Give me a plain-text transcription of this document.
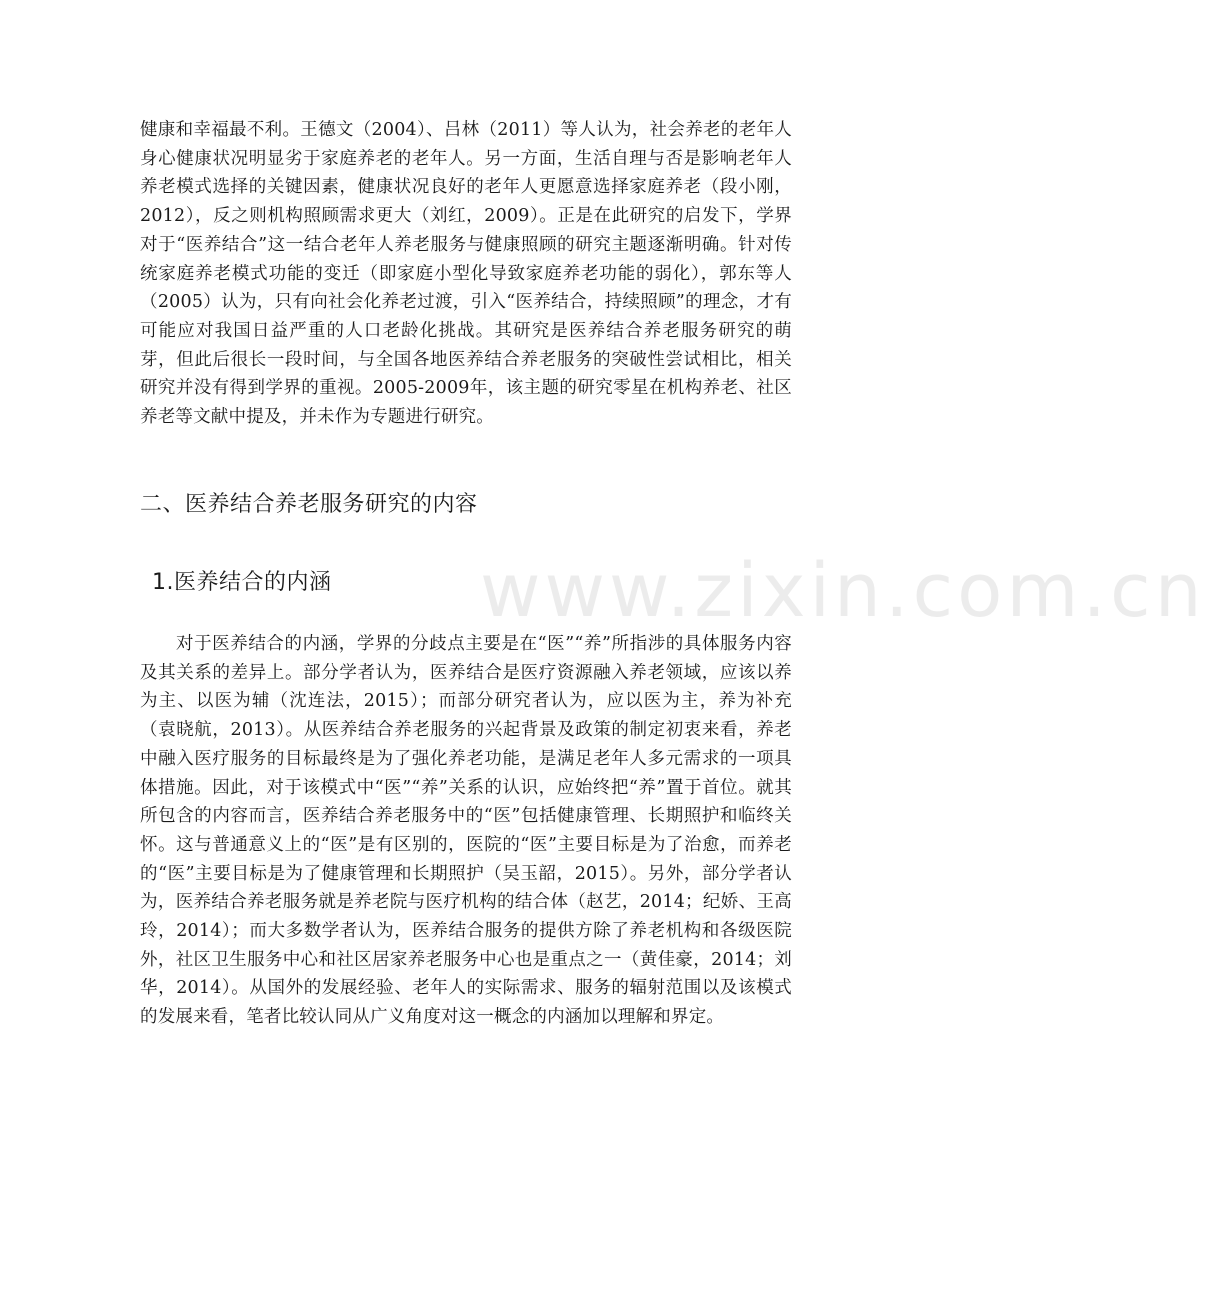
www.zixin.com.cn

健康和幸福最不利。王德文（2004）、吕林（2011）等人认为，社会养老的老年人身心健康状况明显劣于家庭养老的老年人。另一方面，生活自理与否是影响老年人养老模式选择的关键因素，健康状况良好的老年人更愿意选择家庭养老（段小刚，2012），反之则机构照顾需求更大（刘红，2009）。正是在此研究的启发下，学界对于“医养结合”这一结合老年人养老服务与健康照顾的研究主题逐渐明确。针对传统家庭养老模式功能的变迁（即家庭小型化导致家庭养老功能的弱化），郭东等人（2005）认为，只有向社会化养老过渡，引入“医养结合，持续照顾”的理念，才有可能应对我国日益严重的人口老龄化挑战。其研究是医养结合养老服务研究的萌芽，但此后很长一段时间，与全国各地医养结合养老服务的突破性尝试相比，相关研究并没有得到学界的重视。2005-2009年，该主题的研究零星在机构养老、社区养老等文献中提及，并未作为专题进行研究。

二、医养结合养老服务研究的内容
1.医养结合的内涵

对于医养结合的内涵，学界的分歧点主要是在“医”“养”所指涉的具体服务内容及其关系的差异上。部分学者认为，医养结合是医疗资源融入养老领域，应该以养为主、以医为辅（沈连法，2015）；而部分研究者认为，应以医为主，养为补充（袁晓航，2013）。从医养结合养老服务的兴起背景及政策的制定初衷来看，养老中融入医疗服务的目标最终是为了强化养老功能，是满足老年人多元需求的一项具体措施。因此，对于该模式中“医”“养”关系的认识，应始终把“养”置于首位。就其所包含的内容而言，医养结合养老服务中的“医”包括健康管理、长期照护和临终关怀。这与普通意义上的“医”是有区别的，医院的“医”主要目标是为了治愈，而养老的“医”主要目标是为了健康管理和长期照护（吴玉韶，2015）。另外，部分学者认为，医养结合养老服务就是养老院与医疗机构的结合体（赵艺，2014；纪娇、王高玲，2014）；而大多数学者认为，医养结合服务的提供方除了养老机构和各级医院外，社区卫生服务中心和社区居家养老服务中心也是重点之一（黄佳豪，2014；刘华，2014）。从国外的发展经验、老年人的实际需求、服务的辐射范围以及该模式的发展来看，笔者比较认同从广义角度对这一概念的内涵加以理解和界定。
